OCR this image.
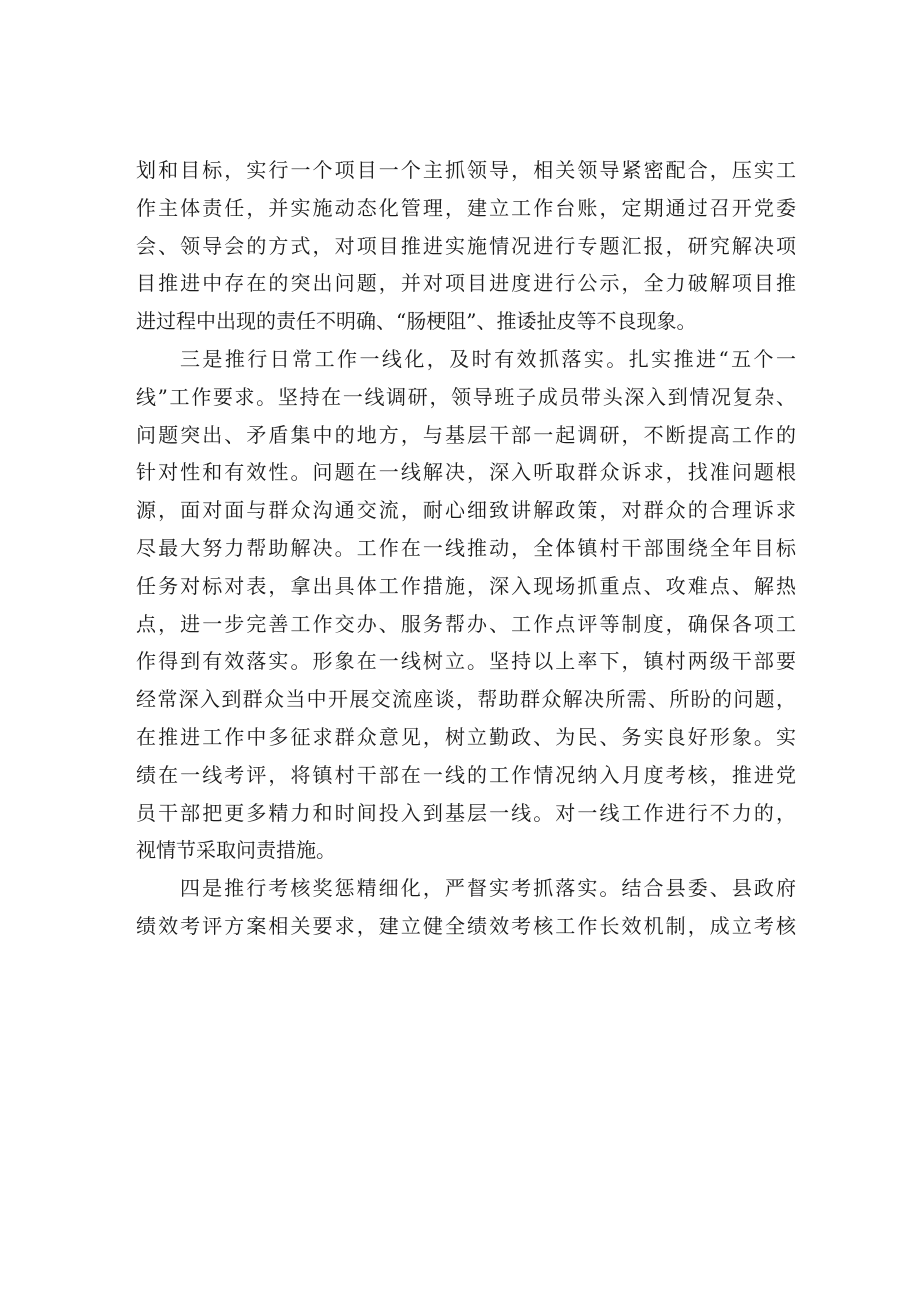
划和目标，实行一个项目一个主抓领导，相关领导紧密配合，压实工
作主体责任，并实施动态化管理，建立工作台账，定期通过召开党委
会、领导会的方式，对项目推进实施情况进行专题汇报，研究解决项
目推进中存在的突出问题，并对项目进度进行公示，全力破解项目推
进过程中出现的责任不明确、“肠梗阻”、推诿扯皮等不良现象。
三是推行日常工作一线化，及时有效抓落实。扎实推进“五个一
线”工作要求。坚持在一线调研，领导班子成员带头深入到情况复杂、
问题突出、矛盾集中的地方，与基层干部一起调研，不断提高工作的
针对性和有效性。问题在一线解决，深入听取群众诉求，找准问题根
源，面对面与群众沟通交流，耐心细致讲解政策，对群众的合理诉求
尽最大努力帮助解决。工作在一线推动，全体镇村干部围绕全年目标
任务对标对表，拿出具体工作措施，深入现场抓重点、攻难点、解热
点，进一步完善工作交办、服务帮办、工作点评等制度，确保各项工
作得到有效落实。形象在一线树立。坚持以上率下，镇村两级干部要
经常深入到群众当中开展交流座谈，帮助群众解决所需、所盼的问题，
在推进工作中多征求群众意见，树立勤政、为民、务实良好形象。实
绩在一线考评，将镇村干部在一线的工作情况纳入月度考核，推进党
员干部把更多精力和时间投入到基层一线。对一线工作进行不力的，
视情节采取问责措施。
四是推行考核奖惩精细化，严督实考抓落实。结合县委、县政府
绩效考评方案相关要求，建立健全绩效考核工作长效机制，成立考核
